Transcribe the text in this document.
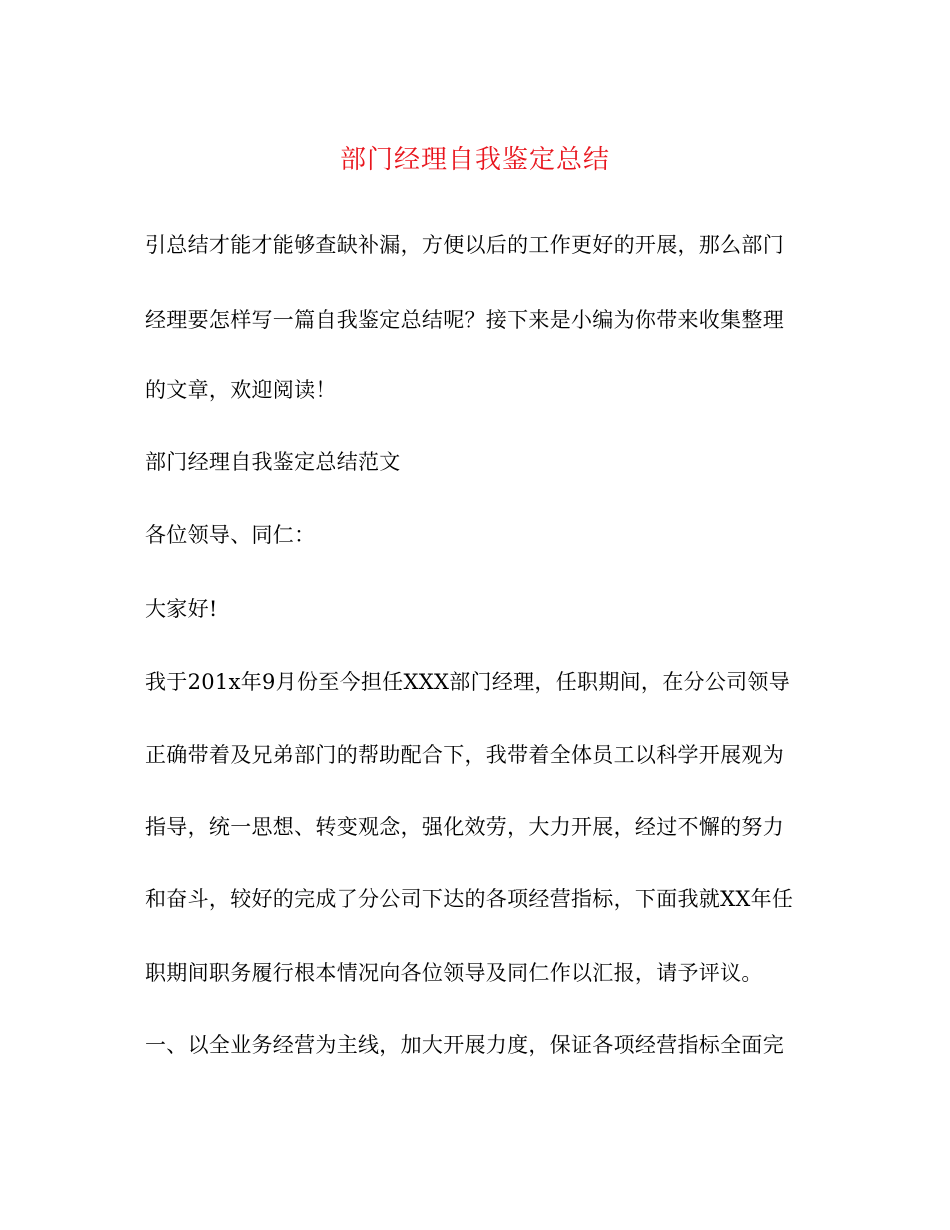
部门经理自我鉴定总结
引总结才能才能够查缺补漏，方便以后的工作更好的开展，那么部门
经理要怎样写一篇自我鉴定总结呢？接下来是小编为你带来收集整理
的文章，欢迎阅读！
部门经理自我鉴定总结范文
各位领导、同仁：
大家好!
我于201x年9月份至今担任XXX部门经理，任职期间，在分公司领导
正确带着及兄弟部门的帮助配合下，我带着全体员工以科学开展观为
指导，统一思想、转变观念，强化效劳，大力开展，经过不懈的努力
和奋斗，较好的完成了分公司下达的各项经营指标，下面我就XX年任
职期间职务履行根本情况向各位领导及同仁作以汇报，请予评议。
一、以全业务经营为主线，加大开展力度，保证各项经营指标全面完
